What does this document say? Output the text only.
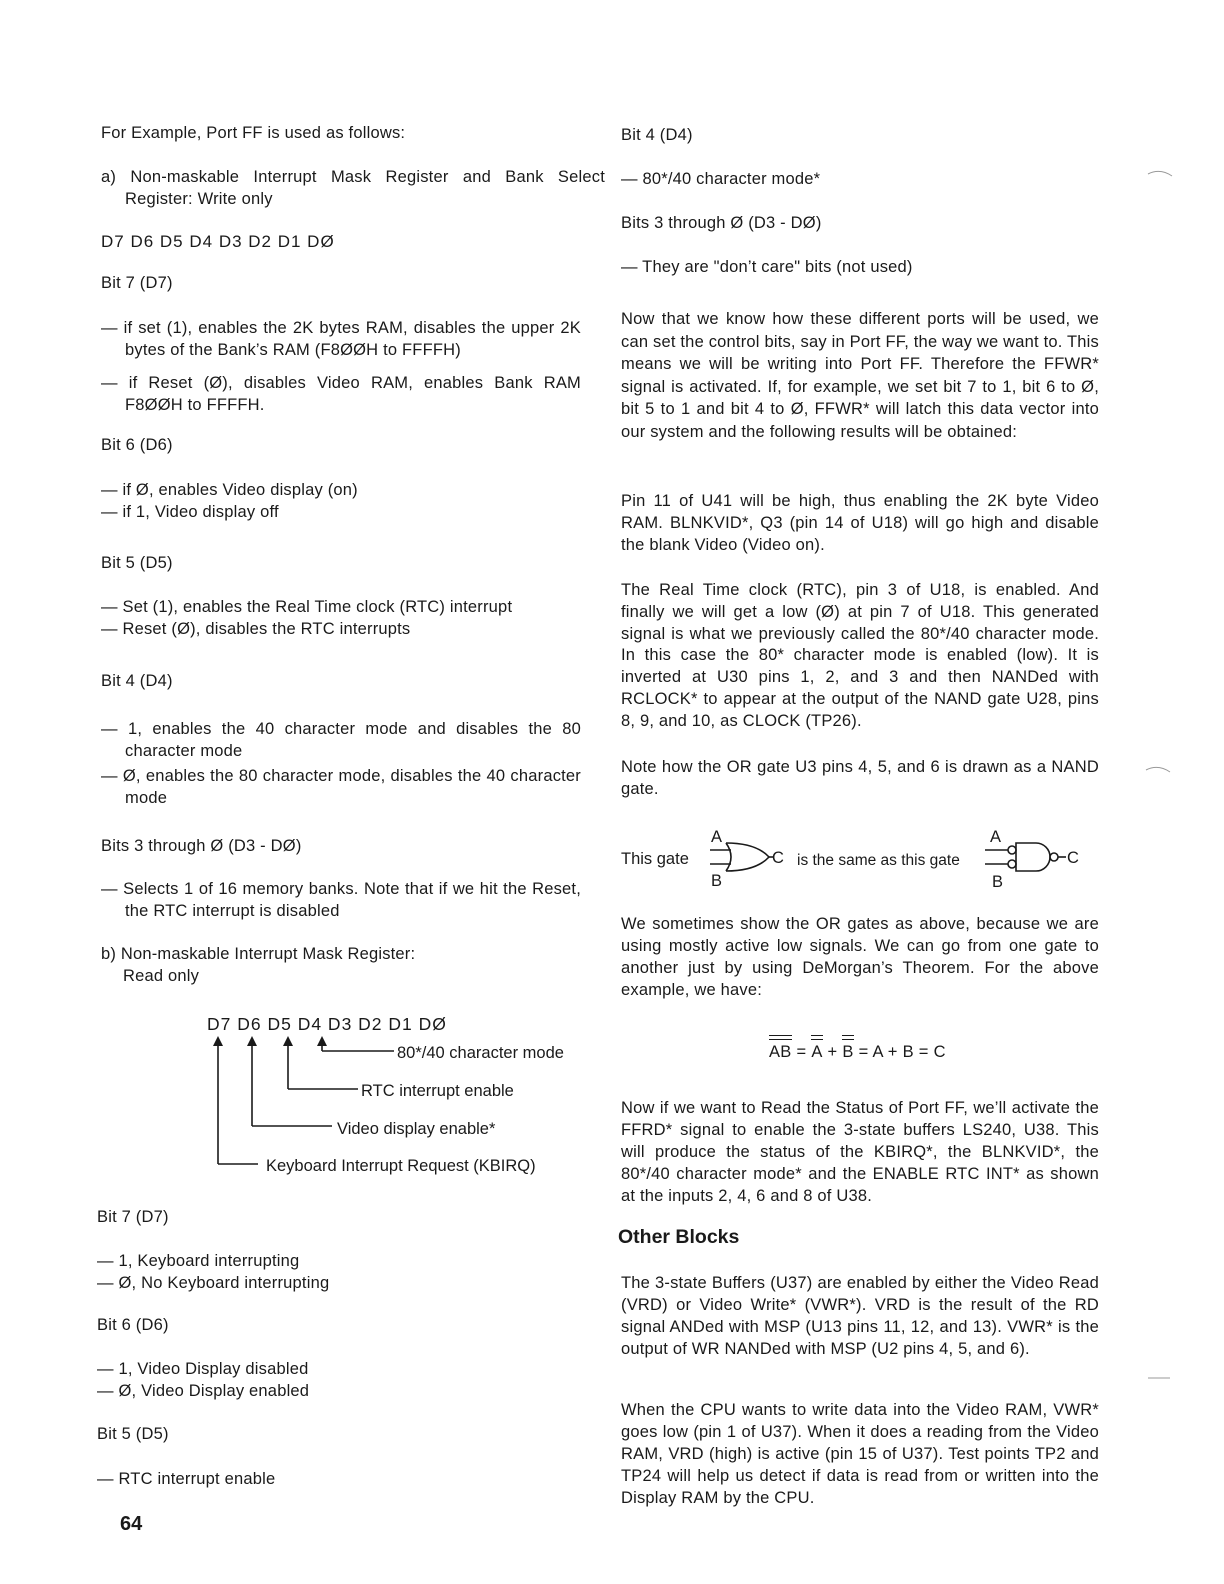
For Example, Port FF is used as follows:
a) Non-maskable Interrupt Mask Register and Bank Select Register: Write only
D7 D6 D5 D4 D3 D2 D1 DØ
Bit 7 (D7)
— if set (1), enables the 2K bytes RAM, disables the upper 2K bytes of the Bank’s RAM (F8ØØH to FFFFH)
— if Reset (Ø), disables Video RAM, enables Bank RAM F8ØØH to FFFFH.
Bit 6 (D6)
— if Ø, enables Video display (on)
— if 1, Video display off
Bit 5 (D5)
— Set (1), enables the Real Time clock (RTC) interrupt
— Reset (Ø), disables the RTC interrupts
Bit 4 (D4)
— 1, enables the 40 character mode and disables the 80 character mode
— Ø, enables the 80 character mode, disables the 40 character mode
Bits 3 through Ø (D3 - DØ)
— Selects 1 of 16 memory banks. Note that if we hit the Reset, the RTC interrupt is disabled
b) Non-maskable Interrupt Mask Register:
Read only
D7 D6 D5 D4 D3 D2 D1 DØ
80*/40 character mode
RTC interrupt enable
Video display enable*
Keyboard Interrupt Request (KBIRQ)
Bit 7 (D7)
— 1, Keyboard interrupting
— Ø, No Keyboard interrupting
Bit 6 (D6)
— 1, Video Display disabled
— Ø, Video Display enabled
Bit 5 (D5)
— RTC interrupt enable
64
Bit 4 (D4)
— 80*/40 character mode*
Bits 3 through Ø (D3 - DØ)
— They are "don’t care" bits (not used)
Now that we know how these different ports will be used, we can set the control bits, say in Port FF, the way we want to. This means we will be writing into Port FF. Therefore the FFWR* signal is activated. If, for example, we set bit 7 to 1, bit 6 to Ø, bit 5 to 1 and bit 4 to Ø, FFWR* will latch this data vector into our system and the following results will be obtained:
Pin 11 of U41 will be high, thus enabling the 2K byte Video RAM. BLNKVID*, Q3 (pin 14 of U18) will go high and disable the blank Video (Video on).
The Real Time clock (RTC), pin 3 of U18, is enabled. And finally we will get a low (Ø) at pin 7 of U18. This generated signal is what we previously called the 80*/40 character mode. In this case the 80* character mode is enabled (low). It is inverted at U30 pins 1, 2, and 3 and then NANDed with RCLOCK* to appear at the output of the NAND gate U28, pins 8, 9, and 10, as CLOCK (TP26).
Note how the OR gate U3 pins 4, 5, and 6 is drawn as a NAND gate.
This gate
A
B
C is the same as this gate
A
B
C
We sometimes show the OR gates as above, because we are using mostly active low signals. We can go from one gate to another just by using DeMorgan’s Theorem. For the above example, we have:
AB = A + B = A + B = C
Now if we want to Read the Status of Port FF, we’ll activate the FFRD* signal to enable the 3-state buffers LS240, U38. This will produce the status of the KBIRQ*, the BLNKVID*, the 80*/40 character mode* and the ENABLE RTC INT* as shown at the inputs 2, 4, 6 and 8 of U38.
Other Blocks
The 3-state Buffers (U37) are enabled by either the Video Read (VRD) or Video Write* (VWR*). VRD is the result of the RD signal ANDed with MSP (U13 pins 11, 12, and 13). VWR* is the output of WR NANDed with MSP (U2 pins 4, 5, and 6).
When the CPU wants to write data into the Video RAM, VWR* goes low (pin 1 of U37). When it does a reading from the Video RAM, VRD (high) is active (pin 15 of U37). Test points TP2 and TP24 will help us detect if data is read from or written into the Display RAM by the CPU.
